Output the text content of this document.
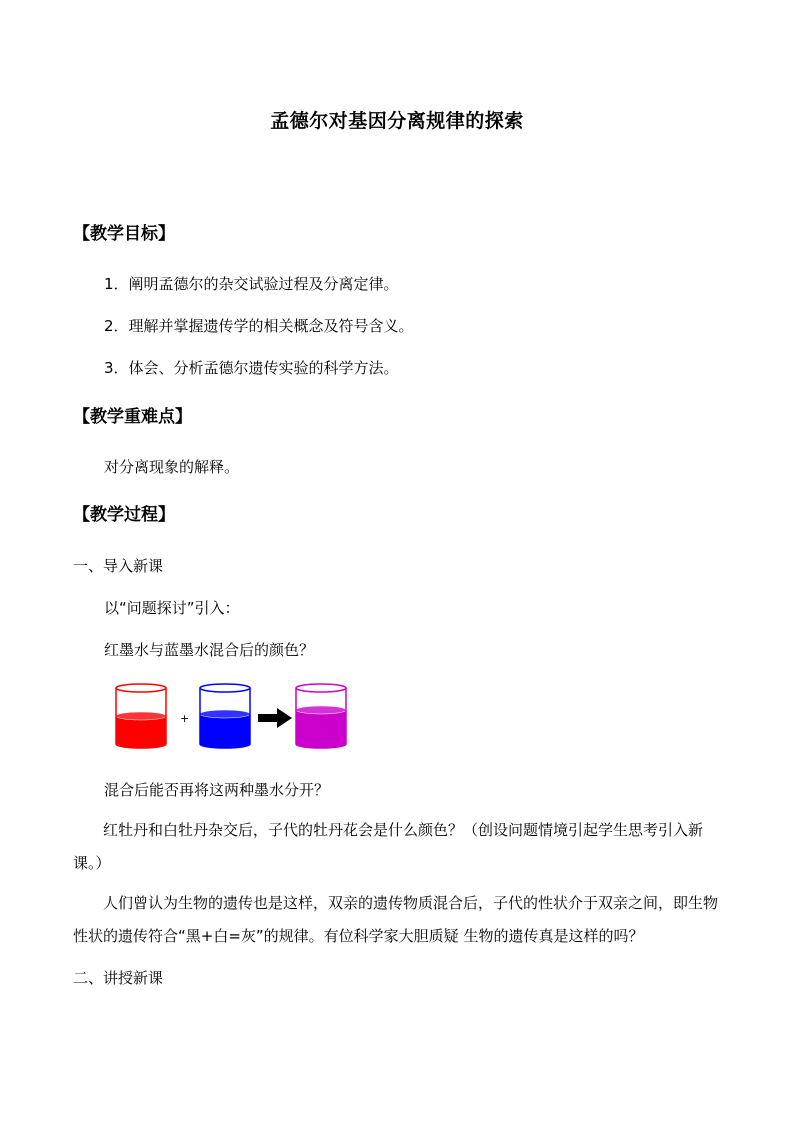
孟德尔对基因分离规律的探索
【教学目标】
1．阐明孟德尔的杂交试验过程及分离定律。
2．理解并掌握遗传学的相关概念及符号含义。
3．体会、分析孟德尔遗传实验的科学方法。
【教学重难点】
对分离现象的解释。
【教学过程】
一、导入新课
以“问题探讨”引入：
红墨水与蓝墨水混合后的颜色？
+
混合后能否再将这两种墨水分开？
红牡丹和白牡丹杂交后，子代的牡丹花会是什么颜色？（创设问题情境引起学生思考引入新课。）
人们曾认为生物的遗传也是这样，双亲的遗传物质混合后，子代的性状介于双亲之间，即生物性状的遗传符合“黑+白=灰”的规律。有位科学家大胆质疑 生物的遗传真是这样的吗？
二、讲授新课
